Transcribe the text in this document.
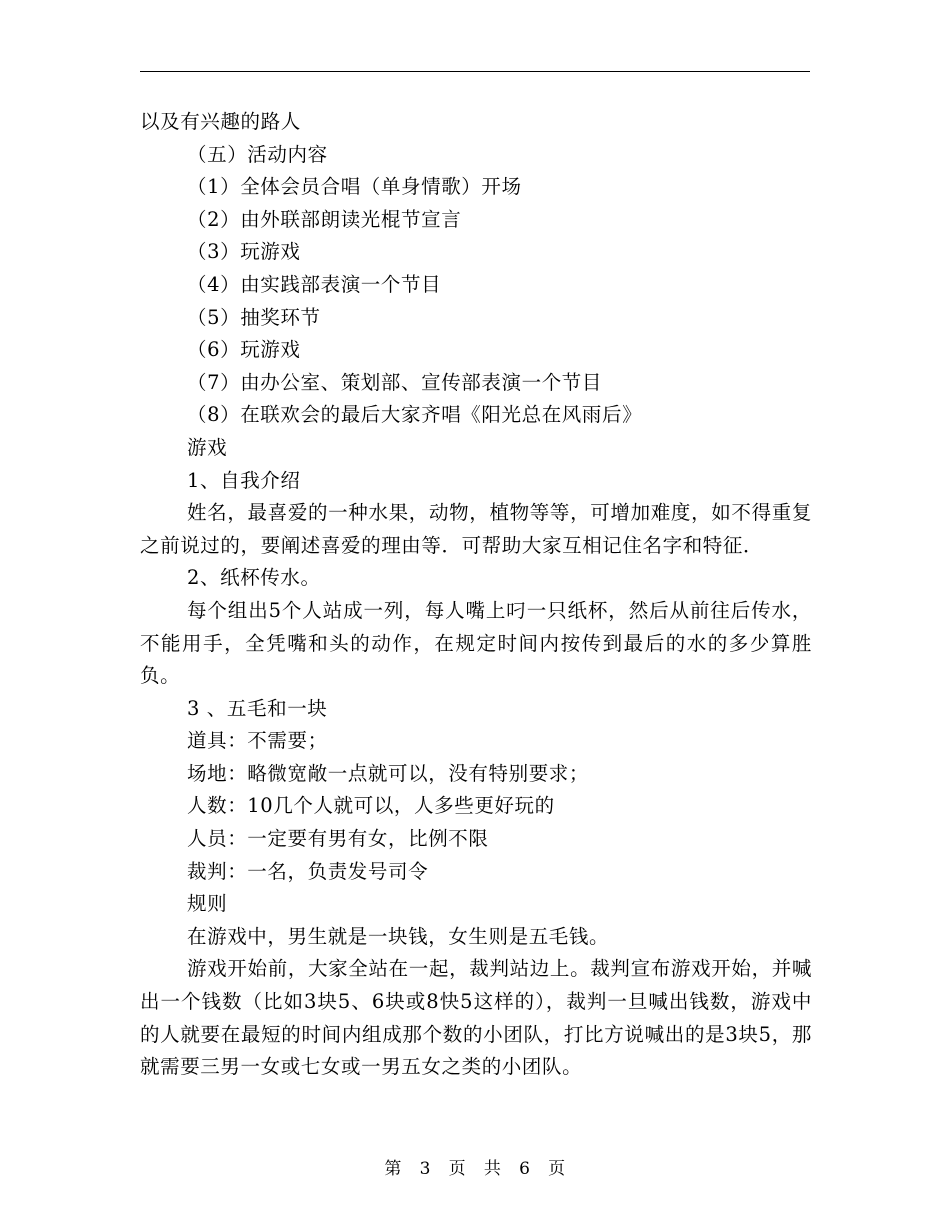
以及有兴趣的路人

（五）活动内容

（1）全体会员合唱（单身情歌）开场

（2）由外联部朗读光棍节宣言

（3）玩游戏

（4）由实践部表演一个节目

（5）抽奖环节

（6）玩游戏

（7）由办公室、策划部、宣传部表演一个节目

（8）在联欢会的最后大家齐唱《阳光总在风雨后》

游戏

1、自我介绍

姓名，最喜爱的一种水果，动物，植物等等，可增加难度，如不得重复之前说过的，要阐述喜爱的理由等．可帮助大家互相记住名字和特征．

2、纸杯传水。

每个组出5个人站成一列，每人嘴上叼一只纸杯，然后从前往后传水，不能用手，全凭嘴和头的动作，在规定时间内按传到最后的水的多少算胜负。

3 、五毛和一块

道具：不需要；

场地：略微宽敞一点就可以，没有特别要求；

人数：10几个人就可以，人多些更好玩的

人员：一定要有男有女，比例不限

裁判：一名，负责发号司令

规则

在游戏中，男生就是一块钱，女生则是五毛钱。

游戏开始前，大家全站在一起，裁判站边上。裁判宣布游戏开始，并喊出一个钱数（比如3块5、6块或8快5这样的），裁判一旦喊出钱数，游戏中的人就要在最短的时间内组成那个数的小团队，打比方说喊出的是3块5，那就需要三男一女或七女或一男五女之类的小团队。

第 3 页 共 6 页
